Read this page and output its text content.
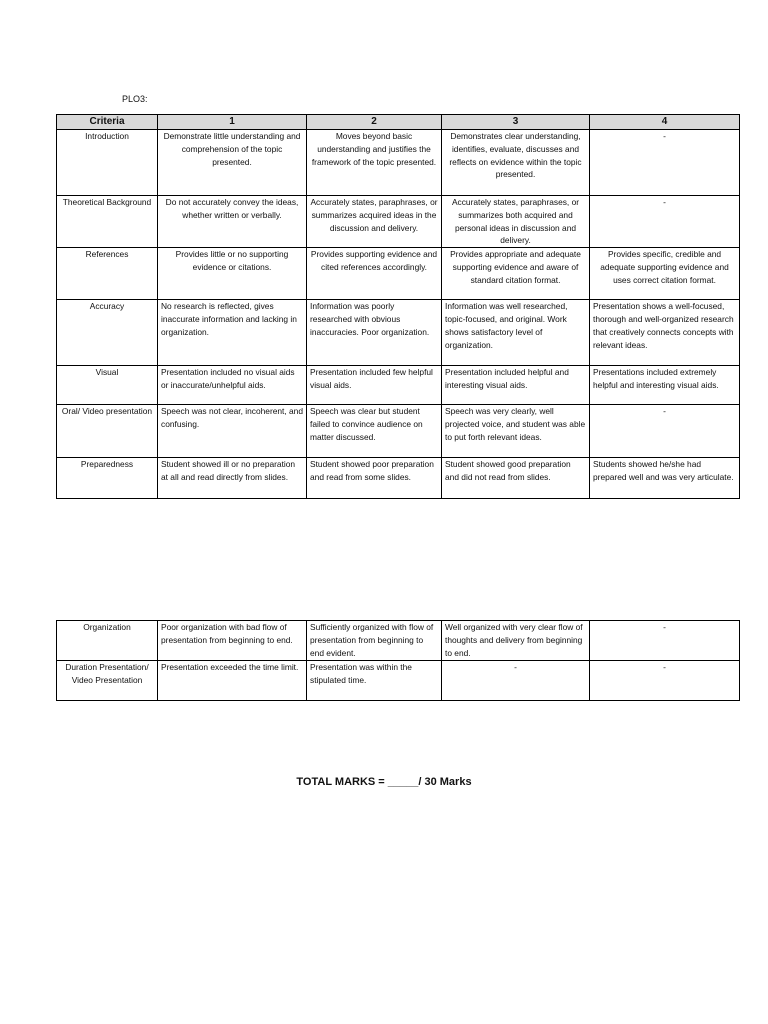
PLO3:
Criteria	1	2	3	4
Introduction	Demonstrate little understanding and comprehension of the topic presented.	Moves beyond basic understanding and justifies the framework of the topic presented.	Demonstrates clear understanding, identifies, evaluate, discusses and reflects on evidence within the topic presented.	-
Theoretical Background	Do not accurately convey the ideas, whether written or verbally.	Accurately states, paraphrases, or summarizes acquired ideas in the discussion and delivery.	Accurately states, paraphrases, or summarizes both acquired and personal ideas in discussion and delivery.	-
References	Provides little or no supporting evidence or citations.	Provides supporting evidence and cited references accordingly.	Provides appropriate and adequate supporting evidence and aware of standard citation format.	Provides specific, credible and adequate supporting evidence and uses correct citation format.
Accuracy	No research is reflected, gives inaccurate information and lacking in organization.	Information was poorly researched with obvious inaccuracies. Poor organization.	Information was well researched, topic-focused, and original. Work shows satisfactory level of organization.	Presentation shows a well-focused, thorough and well-organized research that creatively connects concepts with relevant ideas.
Visual	Presentation included no visual aids or inaccurate/unhelpful aids.	Presentation included few helpful visual aids.	Presentation included helpful and interesting visual aids.	Presentations included extremely helpful and interesting visual aids.
Oral/ Video presentation	Speech was not clear, incoherent, and confusing.	Speech was clear but student failed to convince audience on matter discussed.	Speech was very clearly, well projected voice, and student was able to put forth relevant ideas.	-
Preparedness	Student showed ill or no preparation at all and read directly from slides.	Student showed poor preparation and read from some slides.	Student showed good preparation and did not read from slides.	Students showed he/she had prepared well and was very articulate.
Organization	Poor organization with bad flow of presentation from beginning to end.	Sufficiently organized with flow of presentation from beginning to end evident.	Well organized with very clear flow of thoughts and delivery from beginning to end.	-
Duration Presentation/ Video Presentation	Presentation exceeded the time limit.	Presentation was within the stipulated time.	-	-
TOTAL MARKS = _____/ 30 Marks
